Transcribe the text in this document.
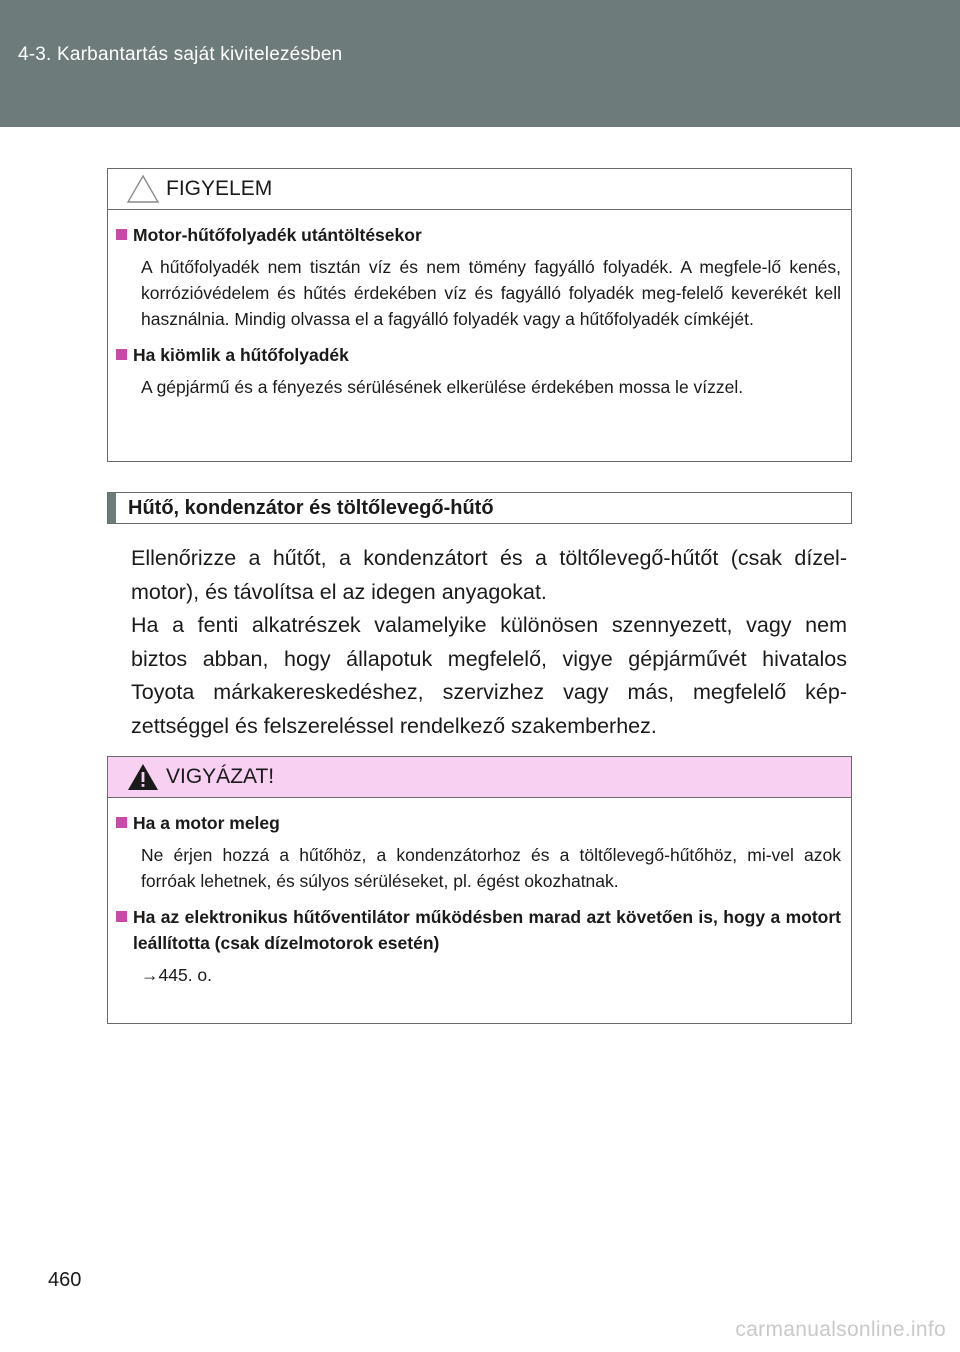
4-3. Karbantartás saját kivitelezésben
FIGYELEM
Motor-hűtőfolyadék utántöltésekor
A hűtőfolyadék nem tisztán víz és nem tömény fagyálló folyadék. A megfele-lő kenés, korrózióvédelem és hűtés érdekében víz és fagyálló folyadék meg-felelő keverékét kell használnia. Mindig olvassa el a fagyálló folyadék vagy a hűtőfolyadék címkéjét.
Ha kiömlik a hűtőfolyadék
A gépjármű és a fényezés sérülésének elkerülése érdekében mossa le vízzel.
Hűtő, kondenzátor és töltőlevegő-hűtő

Ellenőrizze a hűtőt, a kondenzátort és a töltőlevegő-hűtőt (csak dízel-motor), és távolítsa el az idegen anyagokat.

Ha a fenti alkatrészek valamelyike különösen szennyezett, vagy nem biztos abban, hogy állapotuk megfelelő, vigye gépjárművét hivatalos Toyota márkakereskedéshez, szervizhez vagy más, megfelelő kép-zettséggel és felszereléssel rendelkező szakemberhez.

VIGYÁZAT!
Ha a motor meleg
Ne érjen hozzá a hűtőhöz, a kondenzátorhoz és a töltőlevegő-hűtőhöz, mi-vel azok forróak lehetnek, és súlyos sérüléseket, pl. égést okozhatnak.
Ha az elektronikus hűtőventilátor működésben marad azt követően is, hogy a motort leállította (csak dízelmotorok esetén)
→445. o.
460
carmanualsonline.info
